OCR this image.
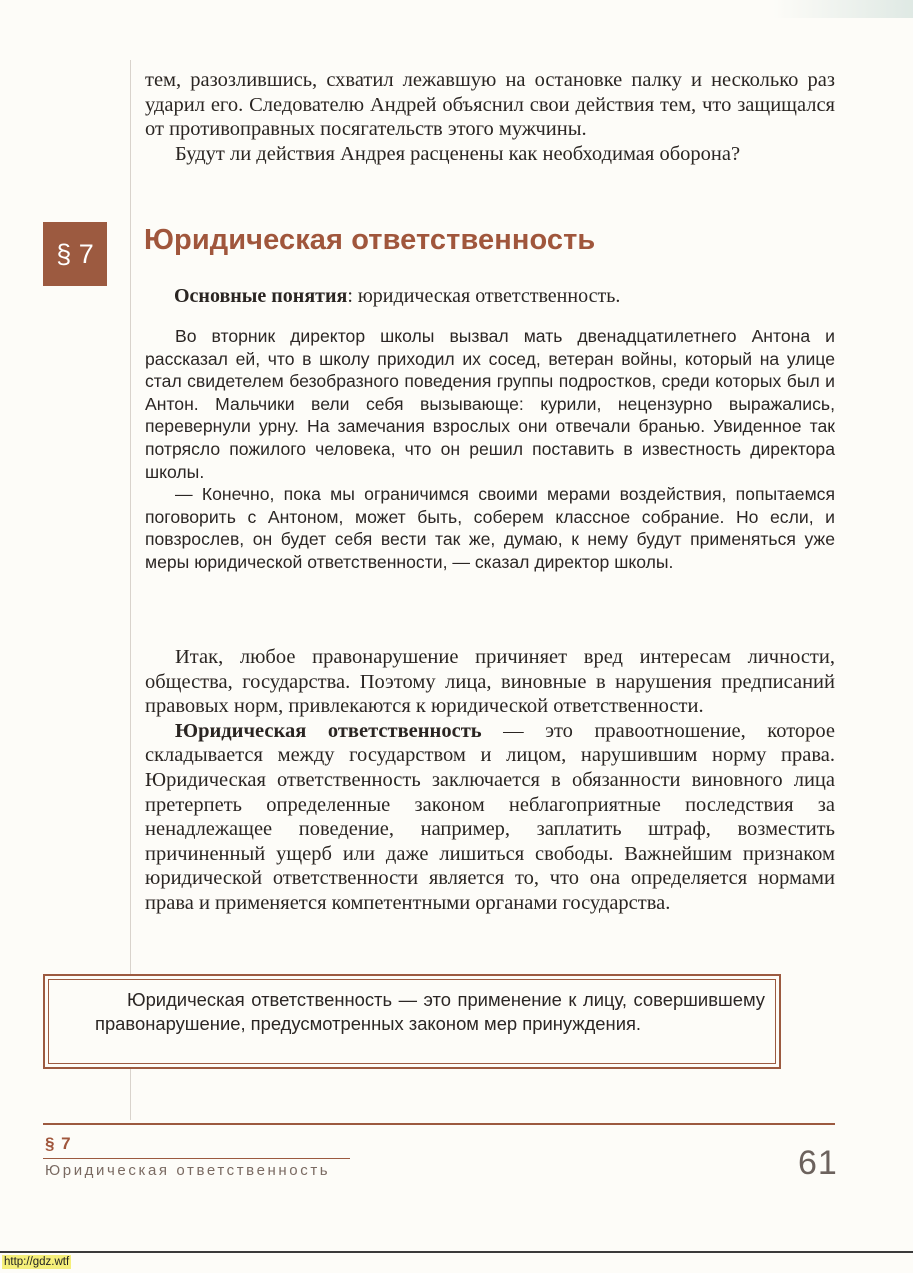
тем, разозлившись, схватил лежавшую на остановке палку и несколько раз ударил его. Следователю Андрей объяснил свои действия тем, что защищался от противоправных посягательств этого мужчины.

Будут ли действия Андрея расценены как необходимая оборона?

§ 7	Юридическая ответственность
Основные понятия: юридическая ответственность.

Во вторник директор школы вызвал мать двенадцатилетнего Антона и рассказал ей, что в школу приходил их сосед, ветеран войны, который на улице стал свидетелем безобразного поведения группы подростков, среди которых был и Антон. Мальчики вели себя вызывающе: курили, нецензурно выражались, перевернули урну. На замечания взрослых они отвечали бранью. Увиденное так потрясло пожилого человека, что он решил поставить в известность директора школы.

— Конечно, пока мы ограничимся своими мерами воздействия, попытаемся поговорить с Антоном, может быть, соберем классное собрание. Но если, и повзрослев, он будет себя вести так же, думаю, к нему будут применяться уже меры юридической ответственности, — сказал директор школы.

Итак, любое правонарушение причиняет вред интересам личности, общества, государства. Поэтому лица, виновные в нарушения предписаний правовых норм, привлекаются к юридической ответственности.

Юридическая ответственность — это правоотношение, которое складывается между государством и лицом, нарушившим норму права. Юридическая ответственность заключается в обязанности виновного лица претерпеть определенные законом неблагоприятные последствия за ненадлежащее поведение, например, заплатить штраф, возместить причиненный ущерб или даже лишиться свободы. Важнейшим признаком юридической ответственности является то, что она определяется нормами права и применяется компетентными органами государства.

Юридическая ответственность — это применение к лицу, совершившему правонарушение, предусмотренных законом мер принуждения.
§ 7
Юридическая ответственность	61
http://gdz.wtf
